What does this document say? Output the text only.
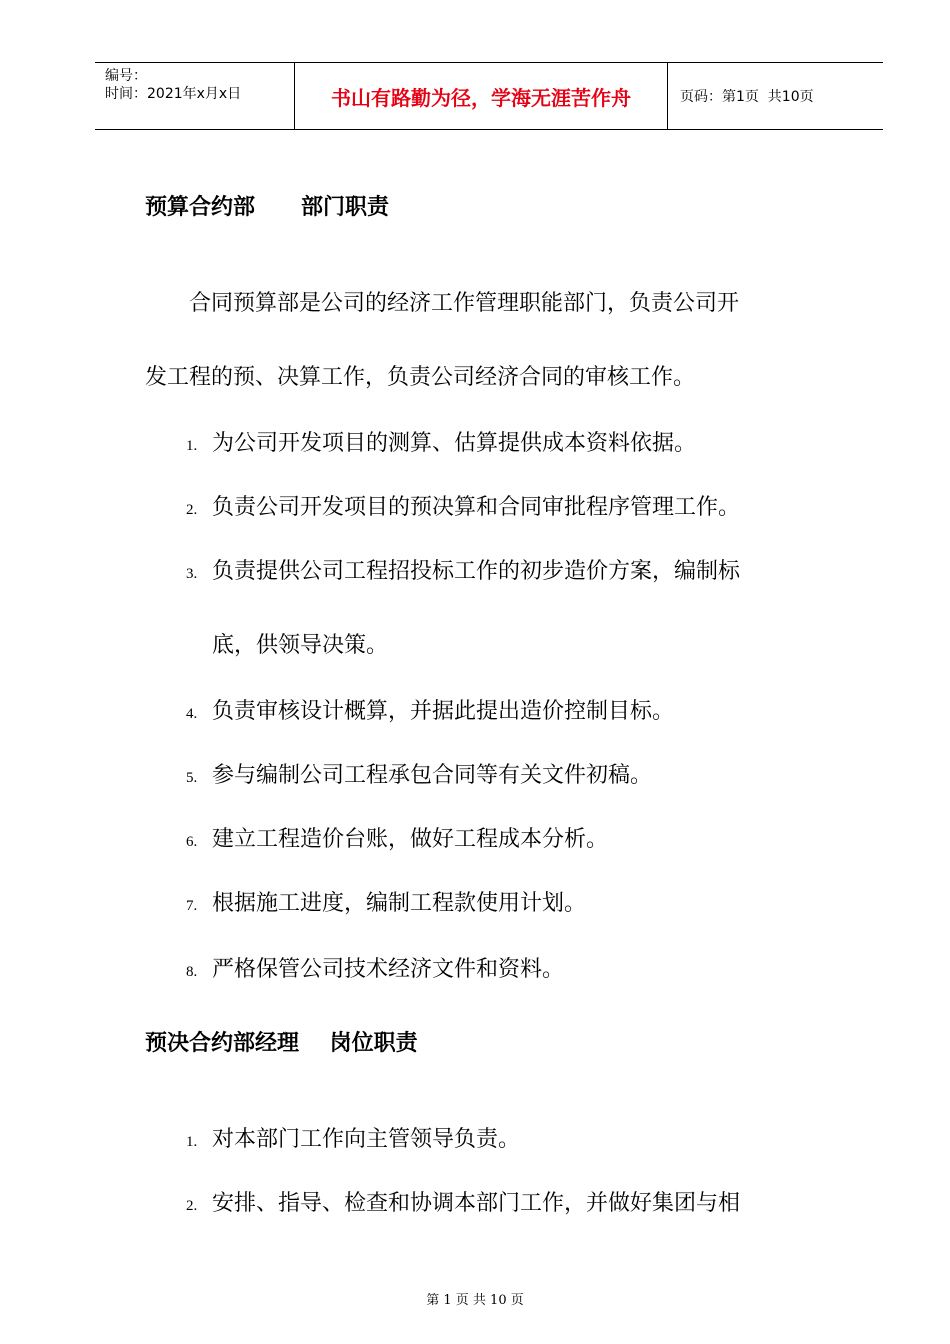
编号：
时间：2021年x月x日	书山有路勤为径，学海无涯苦作舟	页码：第1页  共10页
预算合约部      部门职责
合同预算部是公司的经济工作管理职能部门，负责公司开
发工程的预、决算工作，负责公司经济合同的审核工作。
1. 为公司开发项目的测算、估算提供成本资料依据。
2. 负责公司开发项目的预决算和合同审批程序管理工作。
3. 负责提供公司工程招投标工作的初步造价方案，编制标
底，供领导决策。
4. 负责审核设计概算，并据此提出造价控制目标。
5. 参与编制公司工程承包合同等有关文件初稿。
6. 建立工程造价台账，做好工程成本分析。
7. 根据施工进度，编制工程款使用计划。
8. 严格保管公司技术经济文件和资料。
预决合约部经理    岗位职责
1. 对本部门工作向主管领导负责。
2. 安排、指导、检查和协调本部门工作，并做好集团与相
第 1 页 共 10 页
